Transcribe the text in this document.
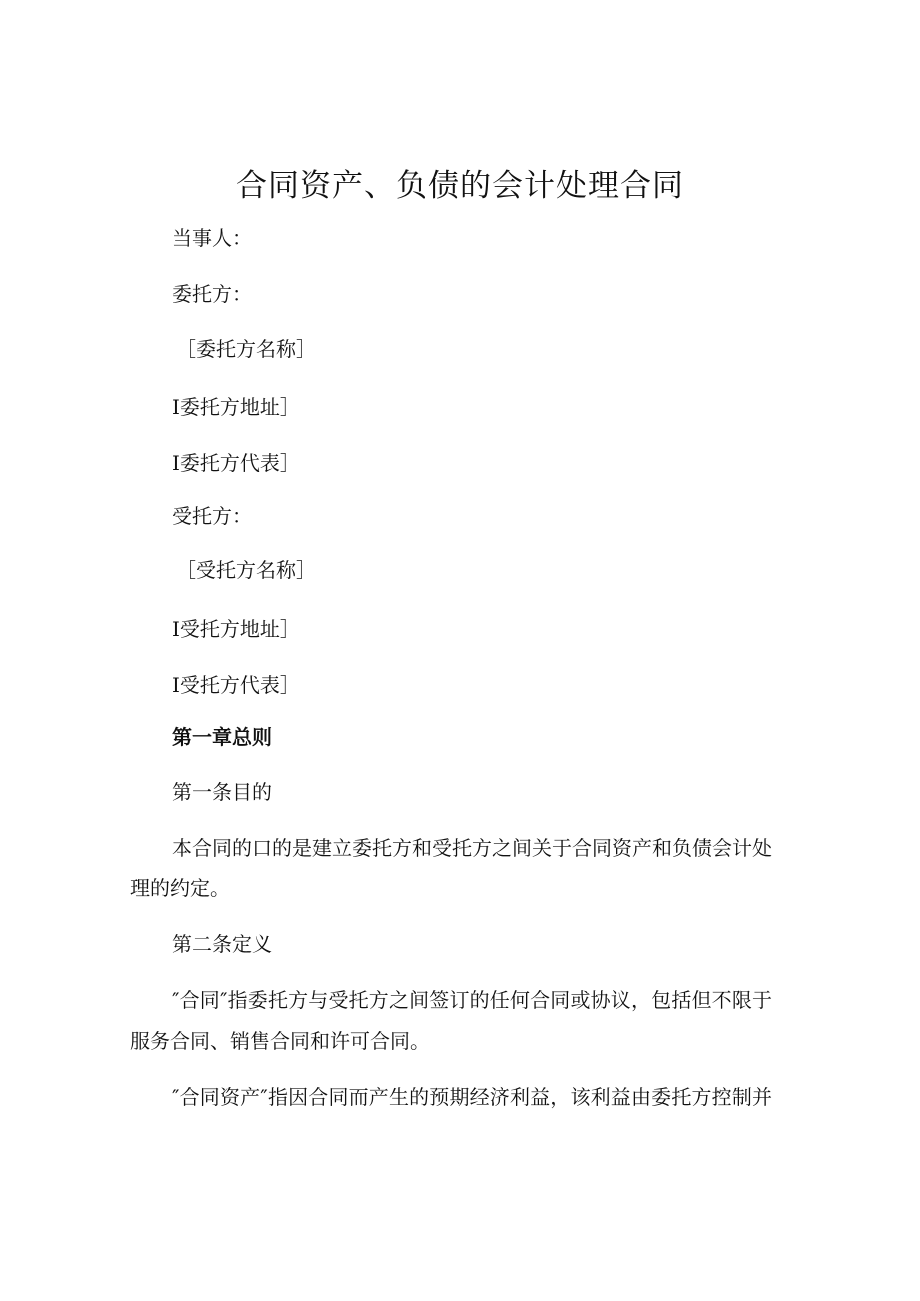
合同资产、负债的会计处理合同
当事人：
委托方：
［委托方名称］
Ⅰ委托方地址］
Ⅰ委托方代表］
受托方：
［受托方名称］
Ⅰ受托方地址］
Ⅰ受托方代表］
第一章总则
第一条目的
本合同的口的是建立委托方和受托方之间关于合同资产和负债会计处
理的约定。
第二条定义
″合同″指委托方与受托方之间签订的任何合同或协议，包括但不限于
服务合同、销售合同和许可合同。
″合同资产″指因合同而产生的预期经济利益，该利益由委托方控制并
